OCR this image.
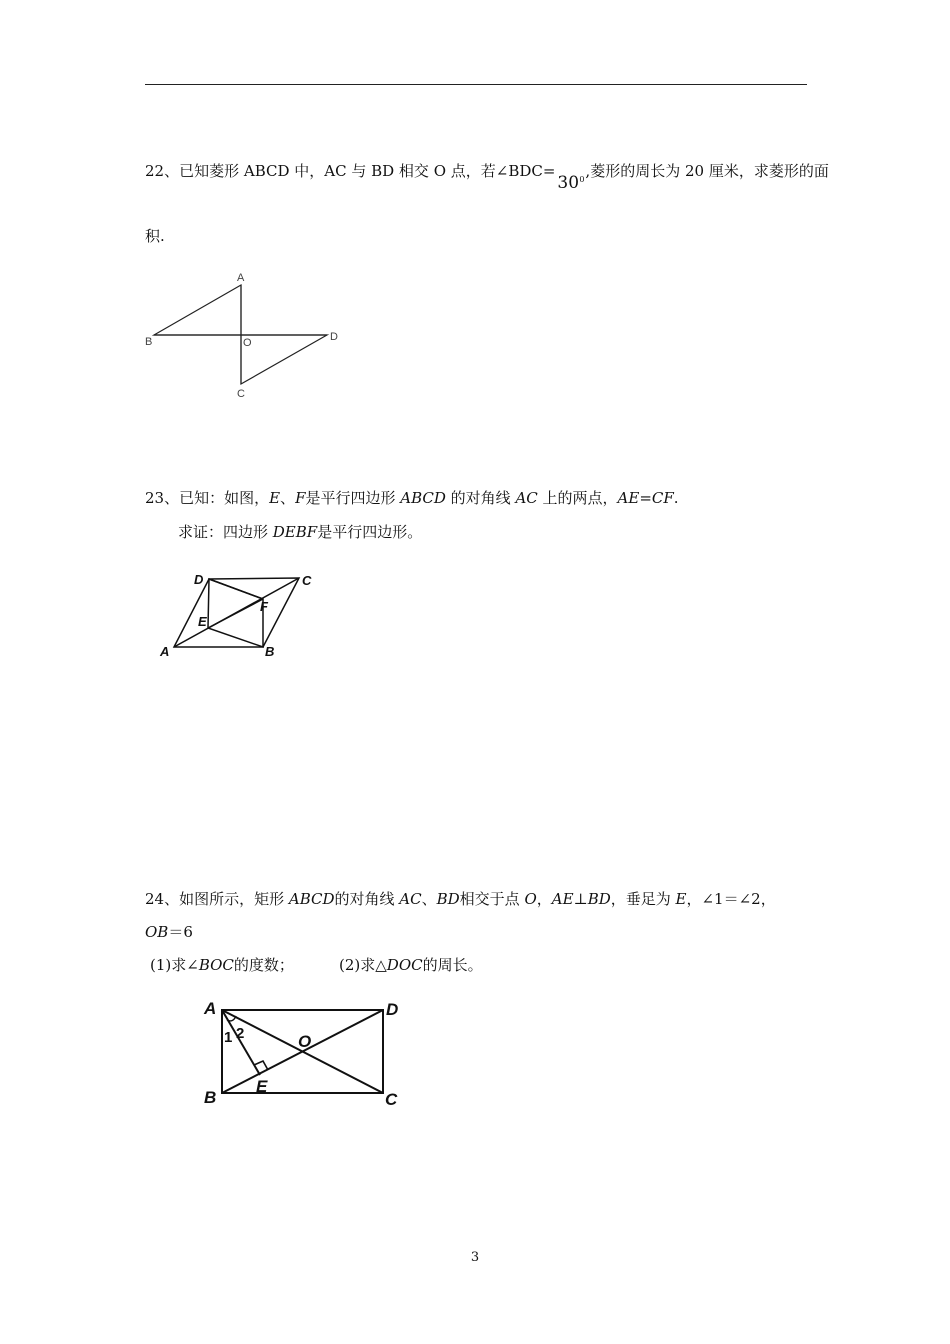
22、已知菱形 ABCD 中，AC 与 BD 相交 O 点，若∠BDC=
30 0 ,菱形的周长为 20 厘米，求菱形的面
积.
A
B	D
O
C
23、已知：如图，E、F是平行四边形 ABCD 的对角线 AC 上的两点，AE=CF.
求证：四边形 DEBF是平行四边形。
D	C
F
E
A	B
24、如图所示，矩形 ABCD的对角线 AC、BD相交于点 O，AE⊥BD，垂足为 E，∠1＝∠2，
OB＝6
(1)求∠BOC的度数；	(2)求△DOC的周长。
A	D
O
B
E
C
1 2
3
